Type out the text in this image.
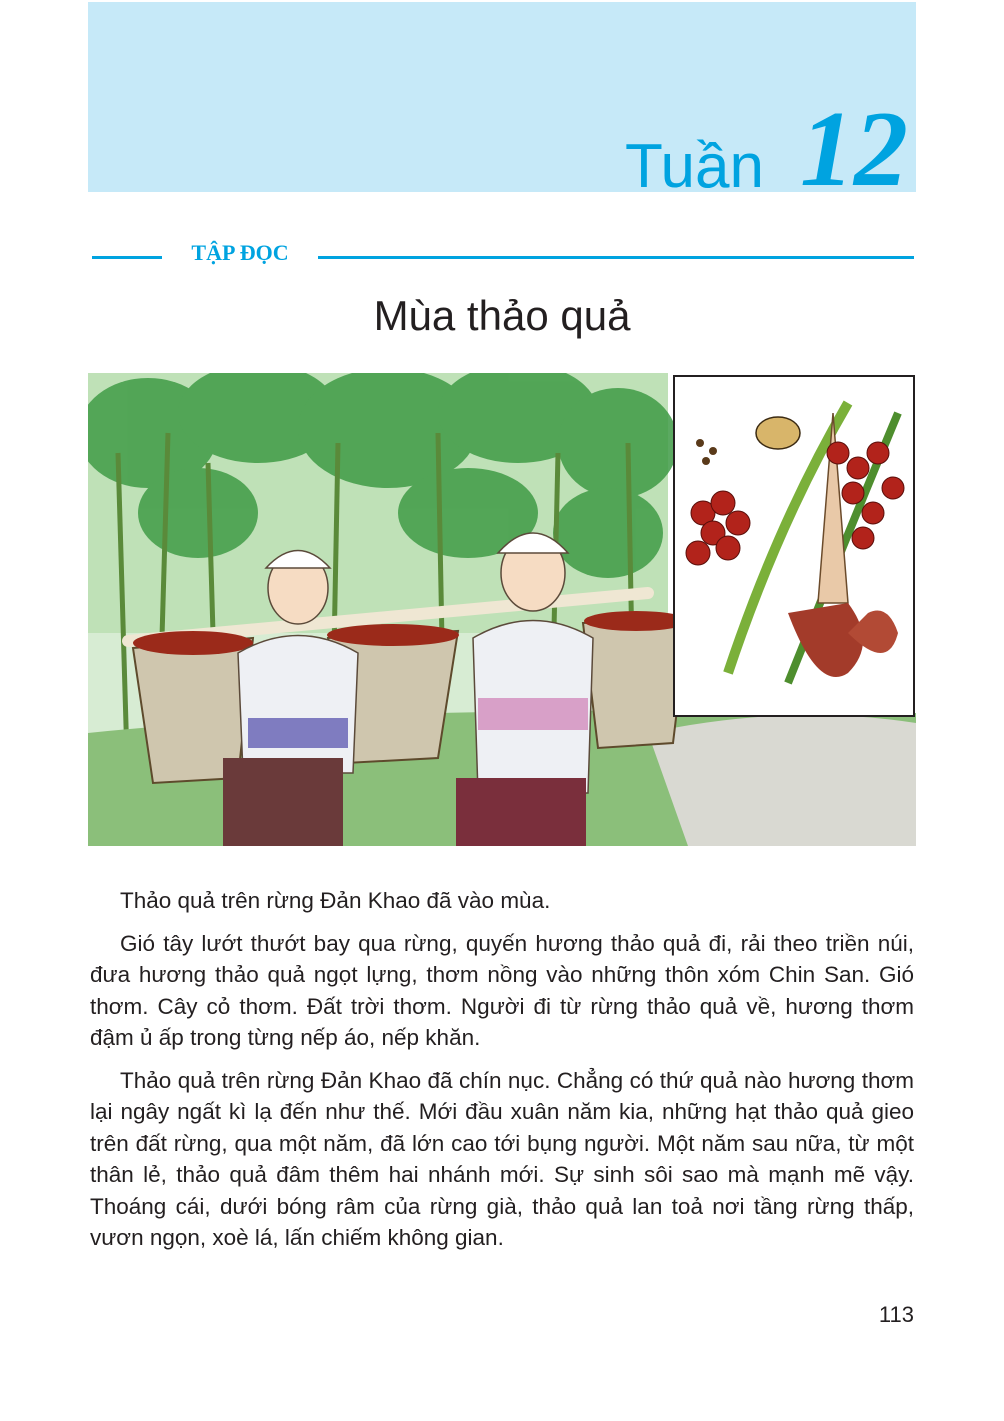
Tuần 12
TẬP ĐỌC
Mùa thảo quả

Thảo quả trên rừng Đản Khao đã vào mùa.

Gió tây lướt thướt bay qua rừng, quyến hương thảo quả đi, rải theo triền núi, đưa hương thảo quả ngọt lựng, thơm nồng vào những thôn xóm Chin San. Gió thơm. Cây cỏ thơm. Đất trời thơm. Người đi từ rừng thảo quả về, hương thơm đậm ủ ấp trong từng nếp áo, nếp khăn.

Thảo quả trên rừng Đản Khao đã chín nục. Chẳng có thứ quả nào hương thơm lại ngây ngất kì lạ đến như thế. Mới đầu xuân năm kia, những hạt thảo quả gieo trên đất rừng, qua một năm, đã lớn cao tới bụng người. Một năm sau nữa, từ một thân lẻ, thảo quả đâm thêm hai nhánh mới. Sự sinh sôi sao mà mạnh mẽ vậy. Thoáng cái, dưới bóng râm của rừng già, thảo quả lan toả nơi tầng rừng thấp, vươn ngọn, xoè lá, lấn chiếm không gian.

113
